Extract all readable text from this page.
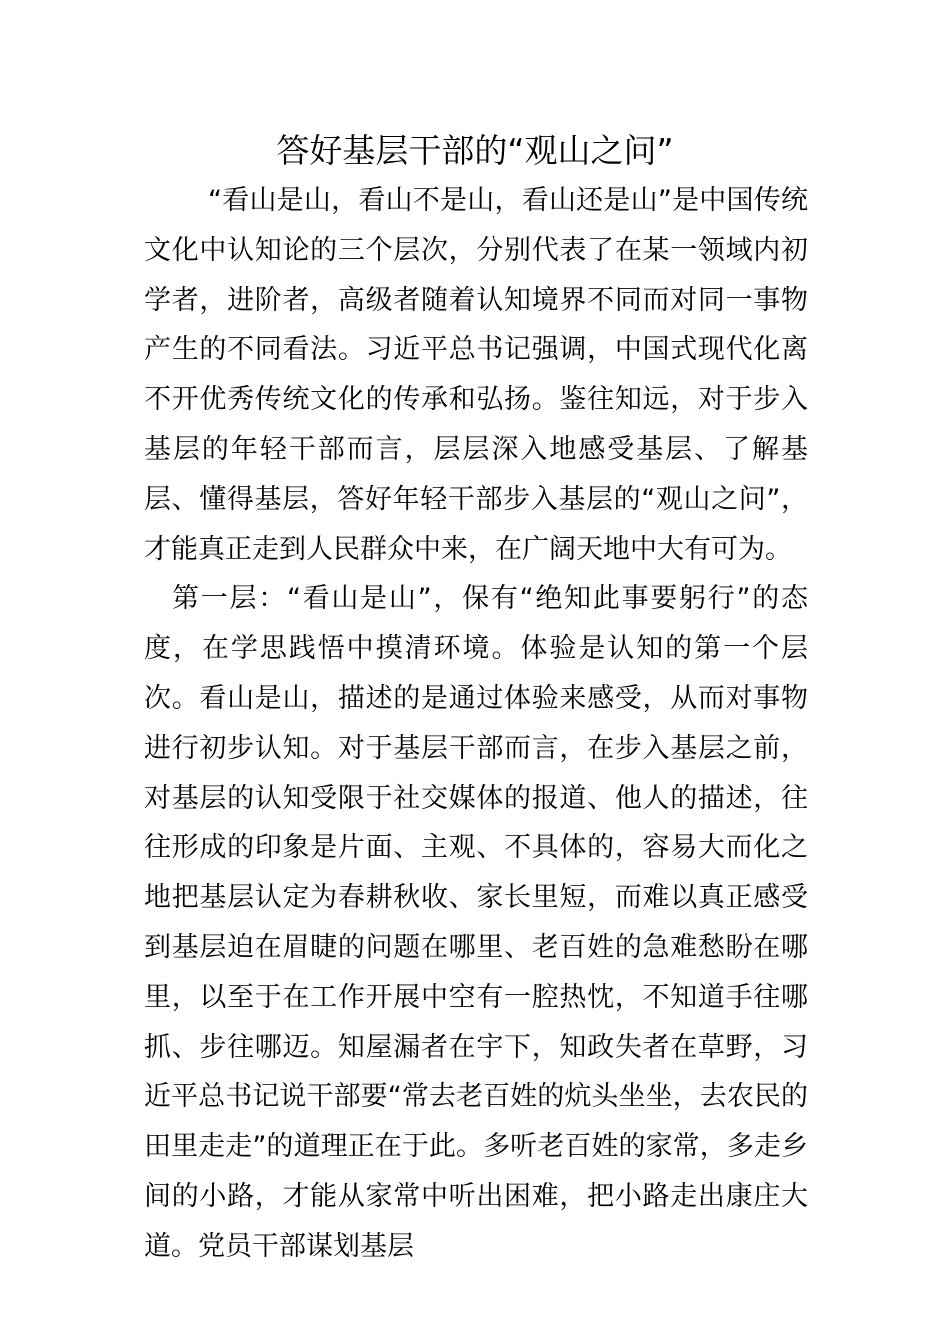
答好基层干部的“观山之问”

“看山是山，看山不是山，看山还是山”是中国传统文化中认知论的三个层次，分别代表了在某一领域内初学者，进阶者，高级者随着认知境界不同而对同一事物产生的不同看法。习近平总书记强调，中国式现代化离不开优秀传统文化的传承和弘扬。鉴往知远，对于步入基层的年轻干部而言，层层深入地感受基层、了解基层、懂得基层，答好年轻干部步入基层的“观山之问”，才能真正走到人民群众中来，在广阔天地中大有可为。

第一层：“看山是山”，保有“绝知此事要躬行”的态度，在学思践悟中摸清环境。体验是认知的第一个层次。看山是山，描述的是通过体验来感受，从而对事物进行初步认知。对于基层干部而言，在步入基层之前，对基层的认知受限于社交媒体的报道、他人的描述，往往形成的印象是片面、主观、不具体的，容易大而化之地把基层认定为春耕秋收、家长里短，而难以真正感受到基层迫在眉睫的问题在哪里、老百姓的急难愁盼在哪里，以至于在工作开展中空有一腔热忱，不知道手往哪抓、步往哪迈。知屋漏者在宇下，知政失者在草野，习近平总书记说干部要“常去老百姓的炕头坐坐，去农民的田里走走”的道理正在于此。多听老百姓的家常，多走乡间的小路，才能从家常中听出困难，把小路走出康庄大道。党员干部谋划基层
